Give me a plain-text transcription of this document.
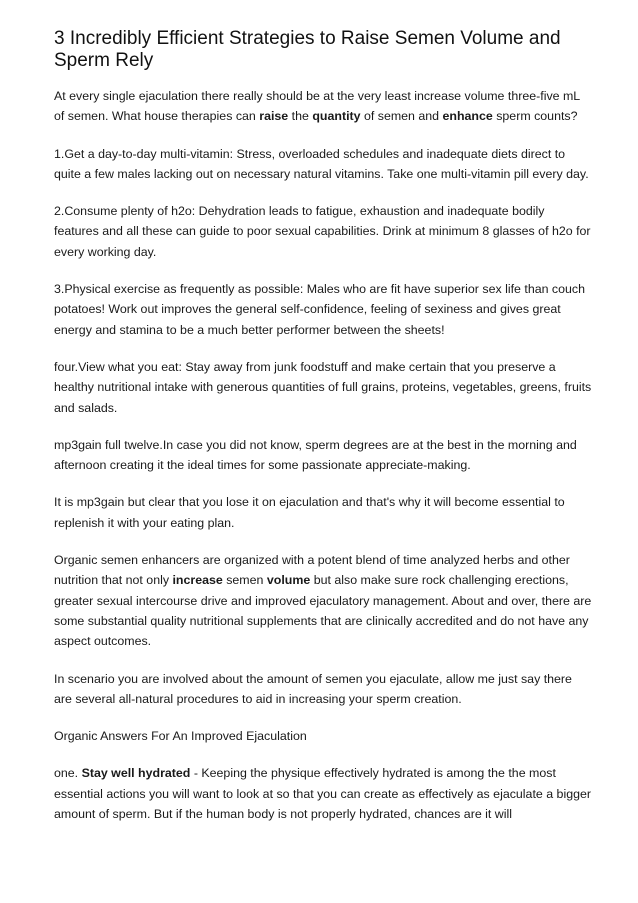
3 Incredibly Efficient Strategies to Raise Semen Volume and Sperm Rely

At every single ejaculation there really should be at the very least increase volume three-five mL of semen. What house therapies can raise the quantity of semen and enhance sperm counts?

1.Get a day-to-day multi-vitamin: Stress, overloaded schedules and inadequate diets direct to quite a few males lacking out on necessary natural vitamins. Take one multi-vitamin pill every day.

2.Consume plenty of h2o: Dehydration leads to fatigue, exhaustion and inadequate bodily features and all these can guide to poor sexual capabilities. Drink at minimum 8 glasses of h2o for every working day.

3.Physical exercise as frequently as possible: Males who are fit have superior sex life than couch potatoes! Work out improves the general self-confidence, feeling of sexiness and gives great energy and stamina to be a much better performer between the sheets!

four.View what you eat: Stay away from junk foodstuff and make certain that you preserve a healthy nutritional intake with generous quantities of full grains, proteins, vegetables, greens, fruits and salads.

mp3gain full twelve.In case you did not know, sperm degrees are at the best in the morning and afternoon creating it the ideal times for some passionate appreciate-making.

It is mp3gain but clear that you lose it on ejaculation and that's why it will become essential to replenish it with your eating plan.

Organic semen enhancers are organized with a potent blend of time analyzed herbs and other nutrition that not only increase semen volume but also make sure rock challenging erections, greater sexual intercourse drive and improved ejaculatory management. About and over, there are some substantial quality nutritional supplements that are clinically accredited and do not have any aspect outcomes.

In scenario you are involved about the amount of semen you ejaculate, allow me just say there are several all-natural procedures to aid in increasing your sperm creation.

Organic Answers For An Improved Ejaculation

one. Stay well hydrated - Keeping the physique effectively hydrated is among the the most essential actions you will want to look at so that you can create as effectively as ejaculate a bigger amount of sperm. But if the human body is not properly hydrated, chances are it will
